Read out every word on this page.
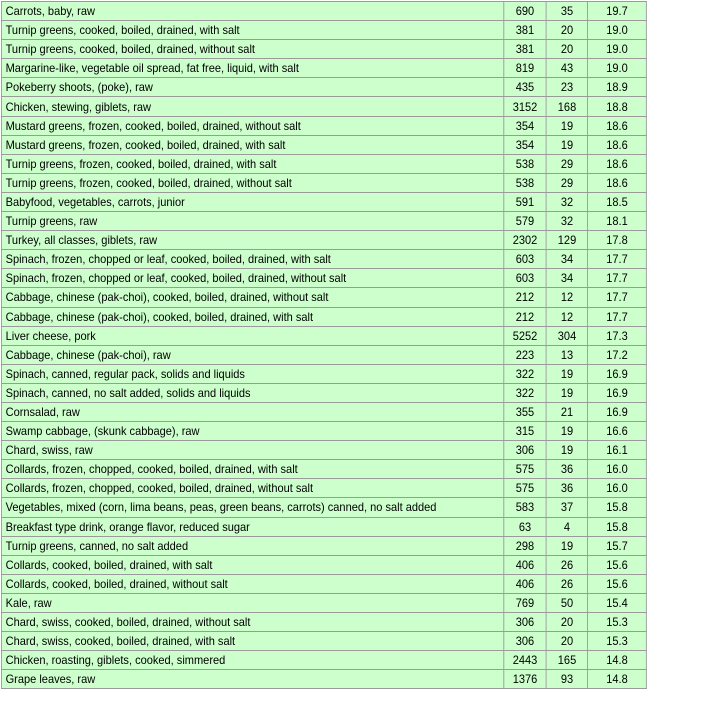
Carrots, baby, raw	690	35	19.7
Turnip greens, cooked, boiled, drained, with salt	381	20	19.0
Turnip greens, cooked, boiled, drained, without salt	381	20	19.0
Margarine-like, vegetable oil spread, fat free, liquid, with salt	819	43	19.0
Pokeberry shoots, (poke), raw	435	23	18.9
Chicken, stewing, giblets, raw	3152	168	18.8
Mustard greens, frozen, cooked, boiled, drained, without salt	354	19	18.6
Mustard greens, frozen, cooked, boiled, drained, with salt	354	19	18.6
Turnip greens, frozen, cooked, boiled, drained, with salt	538	29	18.6
Turnip greens, frozen, cooked, boiled, drained, without salt	538	29	18.6
Babyfood, vegetables, carrots, junior	591	32	18.5
Turnip greens, raw	579	32	18.1
Turkey, all classes, giblets, raw	2302	129	17.8
Spinach, frozen, chopped or leaf, cooked, boiled, drained, with salt	603	34	17.7
Spinach, frozen, chopped or leaf, cooked, boiled, drained, without salt	603	34	17.7
Cabbage, chinese (pak-choi), cooked, boiled, drained, without salt	212	12	17.7
Cabbage, chinese (pak-choi), cooked, boiled, drained, with salt	212	12	17.7
Liver cheese, pork	5252	304	17.3
Cabbage, chinese (pak-choi), raw	223	13	17.2
Spinach, canned, regular pack, solids and liquids	322	19	16.9
Spinach, canned, no salt added, solids and liquids	322	19	16.9
Cornsalad, raw	355	21	16.9
Swamp cabbage, (skunk cabbage), raw	315	19	16.6
Chard, swiss, raw	306	19	16.1
Collards, frozen, chopped, cooked, boiled, drained, with salt	575	36	16.0
Collards, frozen, chopped, cooked, boiled, drained, without salt	575	36	16.0
Vegetables, mixed (corn, lima beans, peas, green beans, carrots) canned, no salt added	583	37	15.8
Breakfast type drink, orange flavor, reduced sugar	63	4	15.8
Turnip greens, canned, no salt added	298	19	15.7
Collards, cooked, boiled, drained, with salt	406	26	15.6
Collards, cooked, boiled, drained, without salt	406	26	15.6
Kale, raw	769	50	15.4
Chard, swiss, cooked, boiled, drained, without salt	306	20	15.3
Chard, swiss, cooked, boiled, drained, with salt	306	20	15.3
Chicken, roasting, giblets, cooked, simmered	2443	165	14.8
Grape leaves, raw	1376	93	14.8
